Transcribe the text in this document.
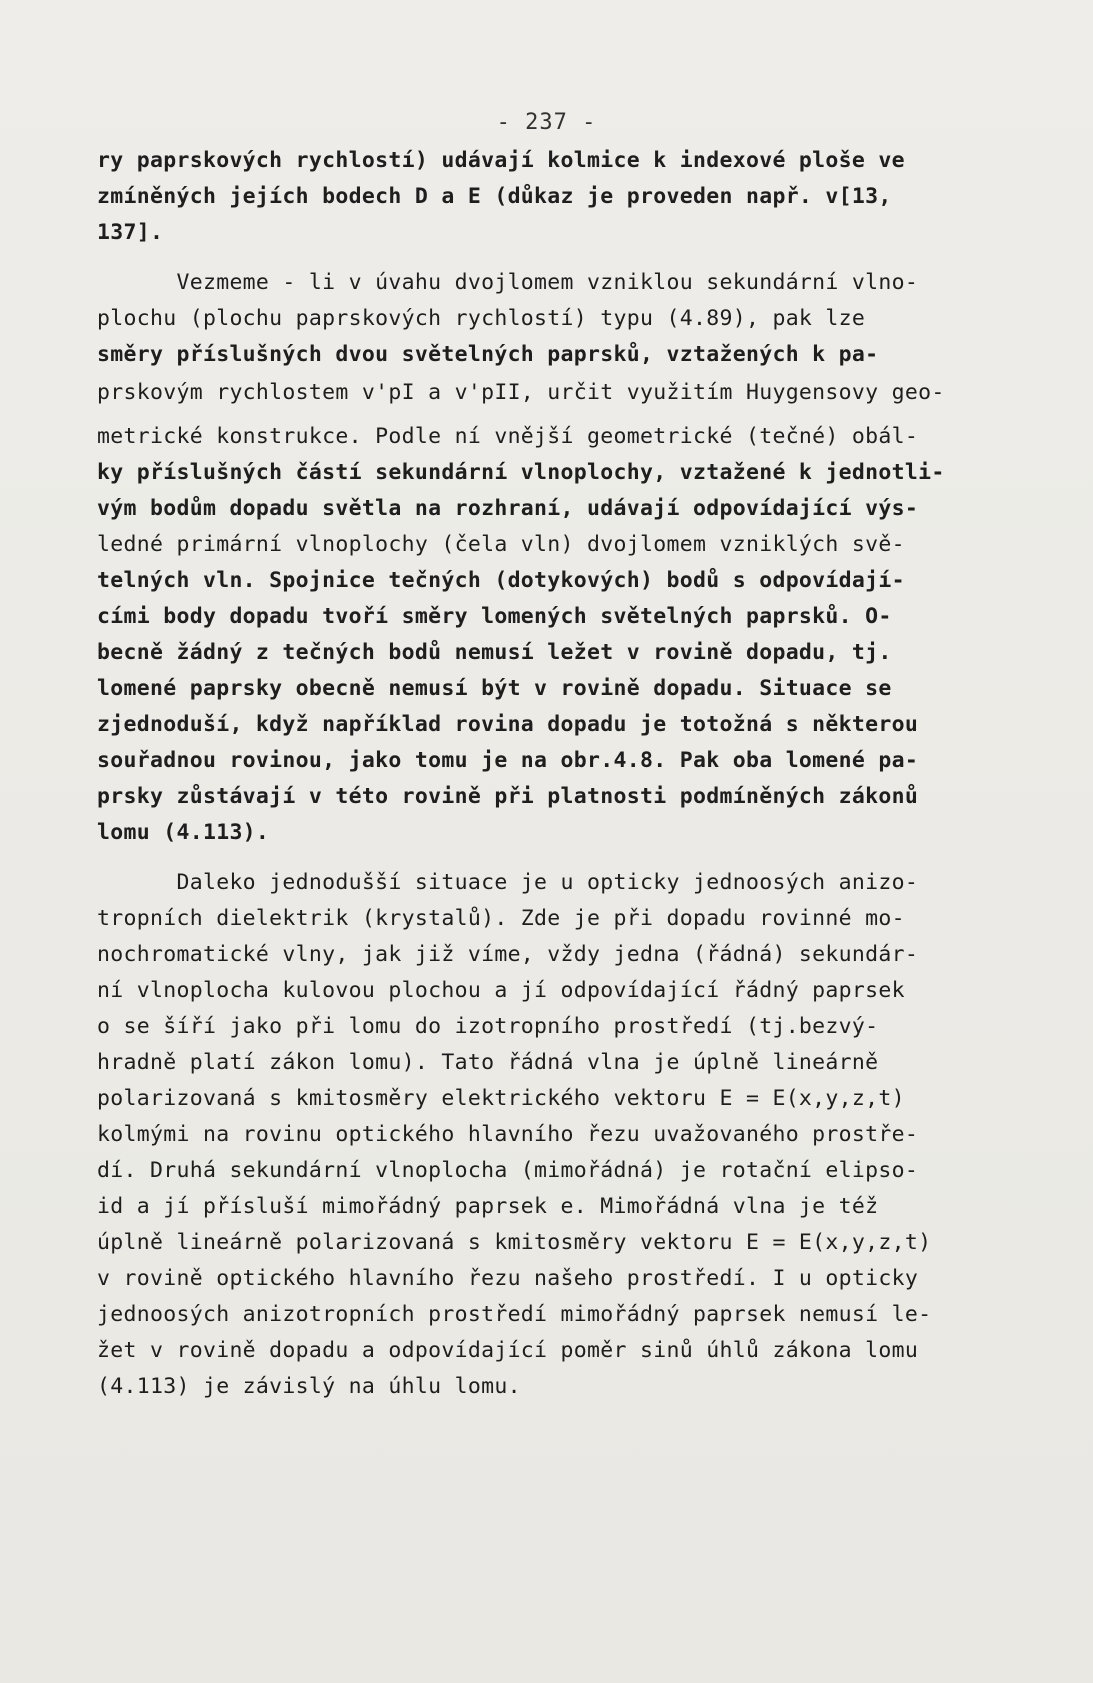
- 237 -
ry paprskových rychlostí) udávají kolmice k indexové ploše ve
zmíněných jejích bodech D a E (důkaz je proveden např. v[13,
137].
Vezmeme - li v úvahu dvojlomem vzniklou sekundární vlno-
plochu (plochu paprskových rychlostí) typu (4.89), pak lze
směry příslušných dvou světelných paprsků, vztažených k pa-
prskovým rychlostem v'pI a v'pII, určit využitím Huygensovy geo-
metrické konstrukce. Podle ní vnější geometrické (tečné) obál-
ky příslušných částí sekundární vlnoplochy, vztažené k jednotli-
vým bodům dopadu světla na rozhraní, udávají odpovídající výs-
ledné primární vlnoplochy (čela vln) dvojlomem vzniklých svě-
telných vln. Spojnice tečných (dotykových) bodů s odpovídají-
cími body dopadu tvoří směry lomených světelných paprsků. O-
becně žádný z tečných bodů nemusí ležet v rovině dopadu, tj.
lomené paprsky obecně nemusí být v rovině dopadu. Situace se
zjednoduší, když například rovina dopadu je totožná s některou
souřadnou rovinou, jako tomu je na obr.4.8. Pak oba lomené pa-
prsky zůstávají v této rovině při platnosti podmíněných zákonů
lomu (4.113).
Daleko jednodušší situace je u opticky jednoosých anizo-
tropních dielektrik (krystalů). Zde je při dopadu rovinné mo-
nochromatické vlny, jak již víme, vždy jedna (řádná) sekundár-
ní vlnoplocha kulovou plochou a jí odpovídající řádný paprsek
o se šíří jako při lomu do izotropního prostředí (tj.bezvý-
hradně platí zákon lomu). Tato řádná vlna je úplně lineárně
polarizovaná s kmitosměry elektrického vektoru E = E(x,y,z,t)
kolmými na rovinu optického hlavního řezu uvažovaného prostře-
dí. Druhá sekundární vlnoplocha (mimořádná) je rotační elipso-
id a jí přísluší mimořádný paprsek e. Mimořádná vlna je též
úplně lineárně polarizovaná s kmitosměry vektoru E = E(x,y,z,t)
v rovině optického hlavního řezu našeho prostředí. I u opticky
jednoosých anizotropních prostředí mimořádný paprsek nemusí le-
žet v rovině dopadu a odpovídající poměr sinů úhlů zákona lomu
(4.113) je závislý na úhlu lomu.
